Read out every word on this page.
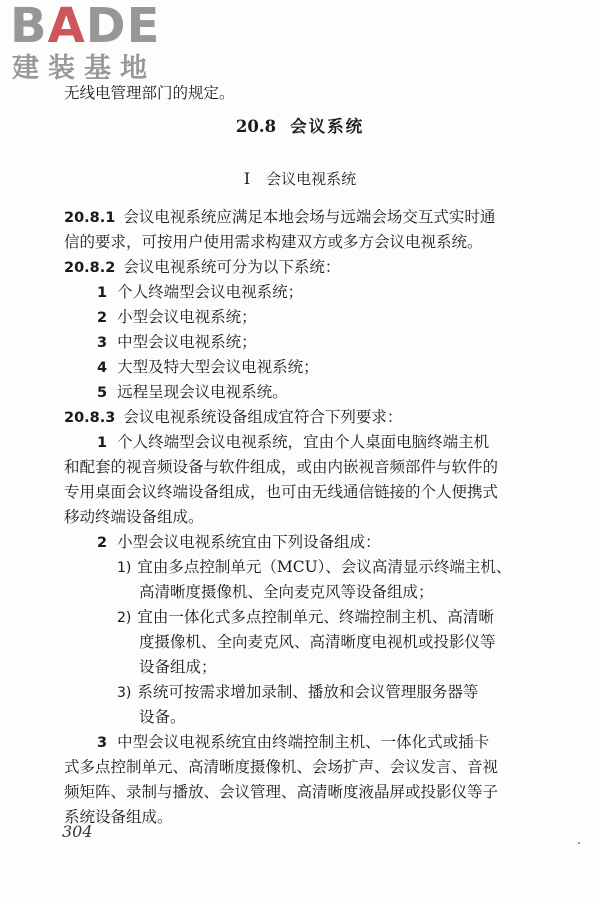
BADE
建装基地
无线电管理部门的规定。
20.8 会议系统
Ⅰ 会议电视系统
20.8.1 会议电视系统应满足本地会场与远端会场交互式实时通
信的要求，可按用户使用需求构建双方或多方会议电视系统。
20.8.2 会议电视系统可分为以下系统：
1 个人终端型会议电视系统；
2 小型会议电视系统；
3 中型会议电视系统；
4 大型及特大型会议电视系统；
5 远程呈现会议电视系统。
20.8.3 会议电视系统设备组成宜符合下列要求：
1 个人终端型会议电视系统，宜由个人桌面电脑终端主机
和配套的视音频设备与软件组成，或由内嵌视音频部件与软件的
专用桌面会议终端设备组成，也可由无线通信链接的个人便携式
移动终端设备组成。
2 小型会议电视系统宜由下列设备组成：
1) 宜由多点控制单元（MCU）、会议高清显示终端主机、
高清晰度摄像机、全向麦克风等设备组成；
2) 宜由一体化式多点控制单元、终端控制主机、高清晰
度摄像机、全向麦克风、高清晰度电视机或投影仪等
设备组成；
3) 系统可按需求增加录制、播放和会议管理服务器等
设备。
3 中型会议电视系统宜由终端控制主机、一体化式或插卡
式多点控制单元、高清晰度摄像机、会场扩声、会议发言、音视
频矩阵、录制与播放、会议管理、高清晰度液晶屏或投影仪等子
系统设备组成。
304
